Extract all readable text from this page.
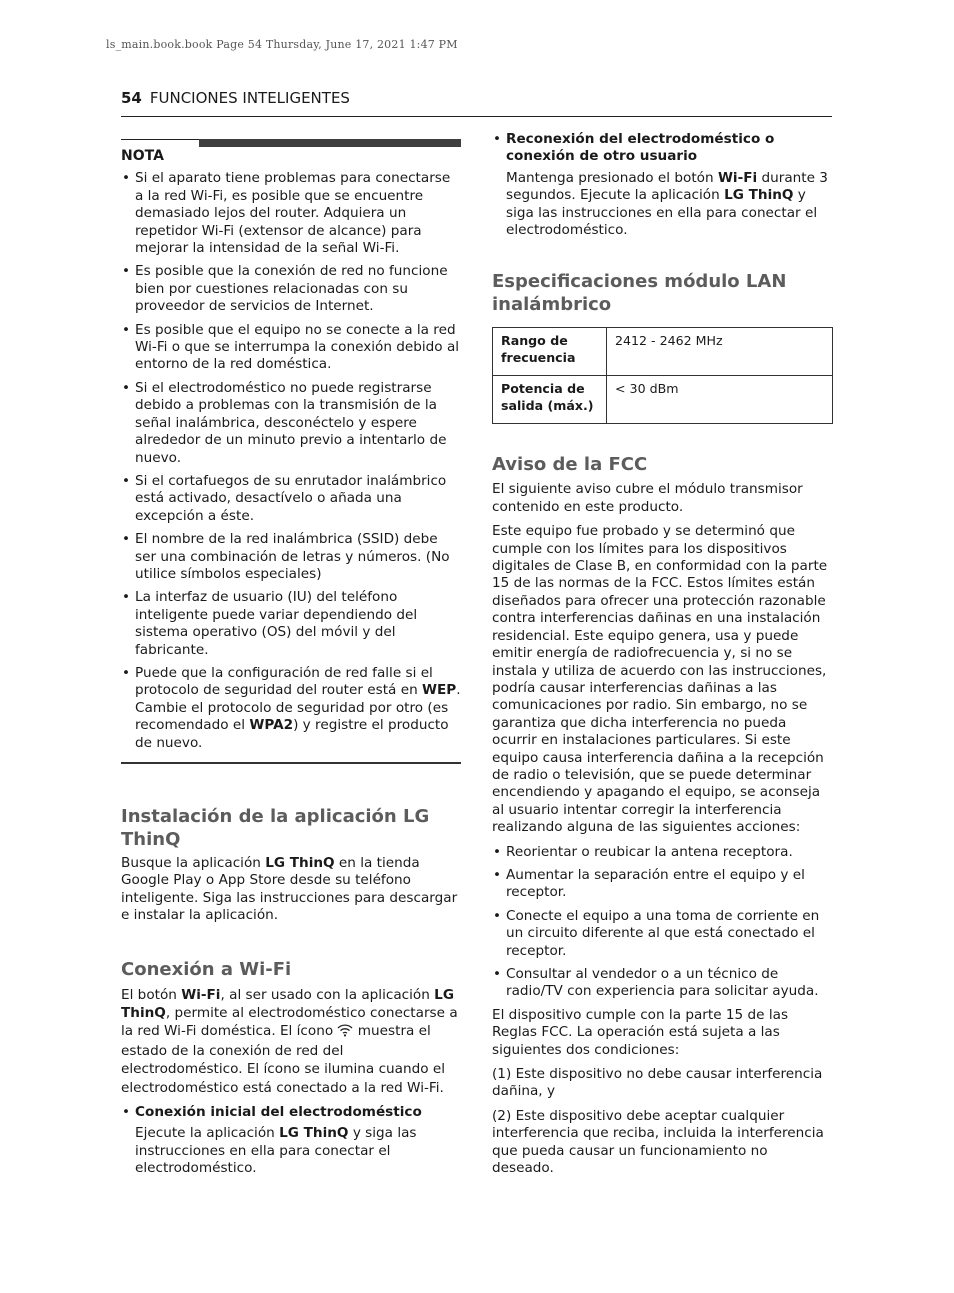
ls_main.book.book Page 54 Thursday, June 17, 2021 1:47 PM
54 FUNCIONES INTELIGENTES
NOTA
• Si el aparato tiene problemas para conectarse a la red Wi-Fi, es posible que se encuentre demasiado lejos del router. Adquiera un repetidor Wi-Fi (extensor de alcance) para mejorar la intensidad de la señal Wi-Fi.
• Es posible que la conexión de red no funcione bien por cuestiones relacionadas con su proveedor de servicios de Internet.
• Es posible que el equipo no se conecte a la red Wi-Fi o que se interrumpa la conexión debido al entorno de la red doméstica.
• Si el electrodoméstico no puede registrarse debido a problemas con la transmisión de la señal inalámbrica, desconéctelo y espere alrededor de un minuto previo a intentarlo de nuevo.
• Si el cortafuegos de su enrutador inalámbrico está activado, desactívelo o añada una excepción a éste.
• El nombre de la red inalámbrica (SSID) debe ser una combinación de letras y números. (No utilice símbolos especiales)
• La interfaz de usuario (IU) del teléfono inteligente puede variar dependiendo del sistema operativo (OS) del móvil y del fabricante.
• Puede que la configuración de red falle si el protocolo de seguridad del router está en WEP. Cambie el protocolo de seguridad por otro (es recomendado el WPA2) y registre el producto de nuevo.
Instalación de la aplicación LG ThinQ

Busque la aplicación LG ThinQ en la tienda Google Play o App Store desde su teléfono inteligente. Siga las instrucciones para descargar e instalar la aplicación.

Conexión a Wi-Fi

El botón Wi-Fi, al ser usado con la aplicación LG ThinQ, permite al electrodoméstico conectarse a la red Wi-Fi doméstica. El ícono  muestra el estado de la conexión de red del electrodoméstico. El ícono se ilumina cuando el electrodoméstico está conectado a la red Wi-Fi.

• Conexión inicial del electrodoméstico

Ejecute la aplicación LG ThinQ y siga las instrucciones en ella para conectar el electrodoméstico.

• Reconexión del electrodoméstico o conexión de otro usuario

Mantenga presionado el botón Wi-Fi durante 3 segundos. Ejecute la aplicación LG ThinQ y siga las instrucciones en ella para conectar el electrodoméstico.

Especificaciones módulo LAN inalámbrico
Rango de frecuencia	2412 - 2462 MHz
Potencia de salida (máx.)	< 30 dBm
Aviso de la FCC

El siguiente aviso cubre el módulo transmisor contenido en este producto.

Este equipo fue probado y se determinó que cumple con los límites para los dispositivos digitales de Clase B, en conformidad con la parte 15 de las normas de la FCC. Estos límites están diseñados para ofrecer una protección razonable contra interferencias dañinas en una instalación residencial. Este equipo genera, usa y puede emitir energía de radiofrecuencia y, si no se instala y utiliza de acuerdo con las instrucciones, podría causar interferencias dañinas a las comunicaciones por radio. Sin embargo, no se garantiza que dicha interferencia no pueda ocurrir en instalaciones particulares. Si este equipo causa interferencia dañina a la recepción de radio o televisión, que se puede determinar encendiendo y apagando el equipo, se aconseja al usuario intentar corregir la interferencia realizando alguna de las siguientes acciones:

• Reorientar o reubicar la antena receptora.
• Aumentar la separación entre el equipo y el receptor.
• Conecte el equipo a una toma de corriente en un circuito diferente al que está conectado el receptor.
• Consultar al vendedor o a un técnico de radio/TV con experiencia para solicitar ayuda.

El dispositivo cumple con la parte 15 de las Reglas FCC. La operación está sujeta a las siguientes dos condiciones:

(1) Este dispositivo no debe causar interferencia dañina, y

(2) Este dispositivo debe aceptar cualquier interferencia que reciba, incluida la interferencia que pueda causar un funcionamiento no deseado.
